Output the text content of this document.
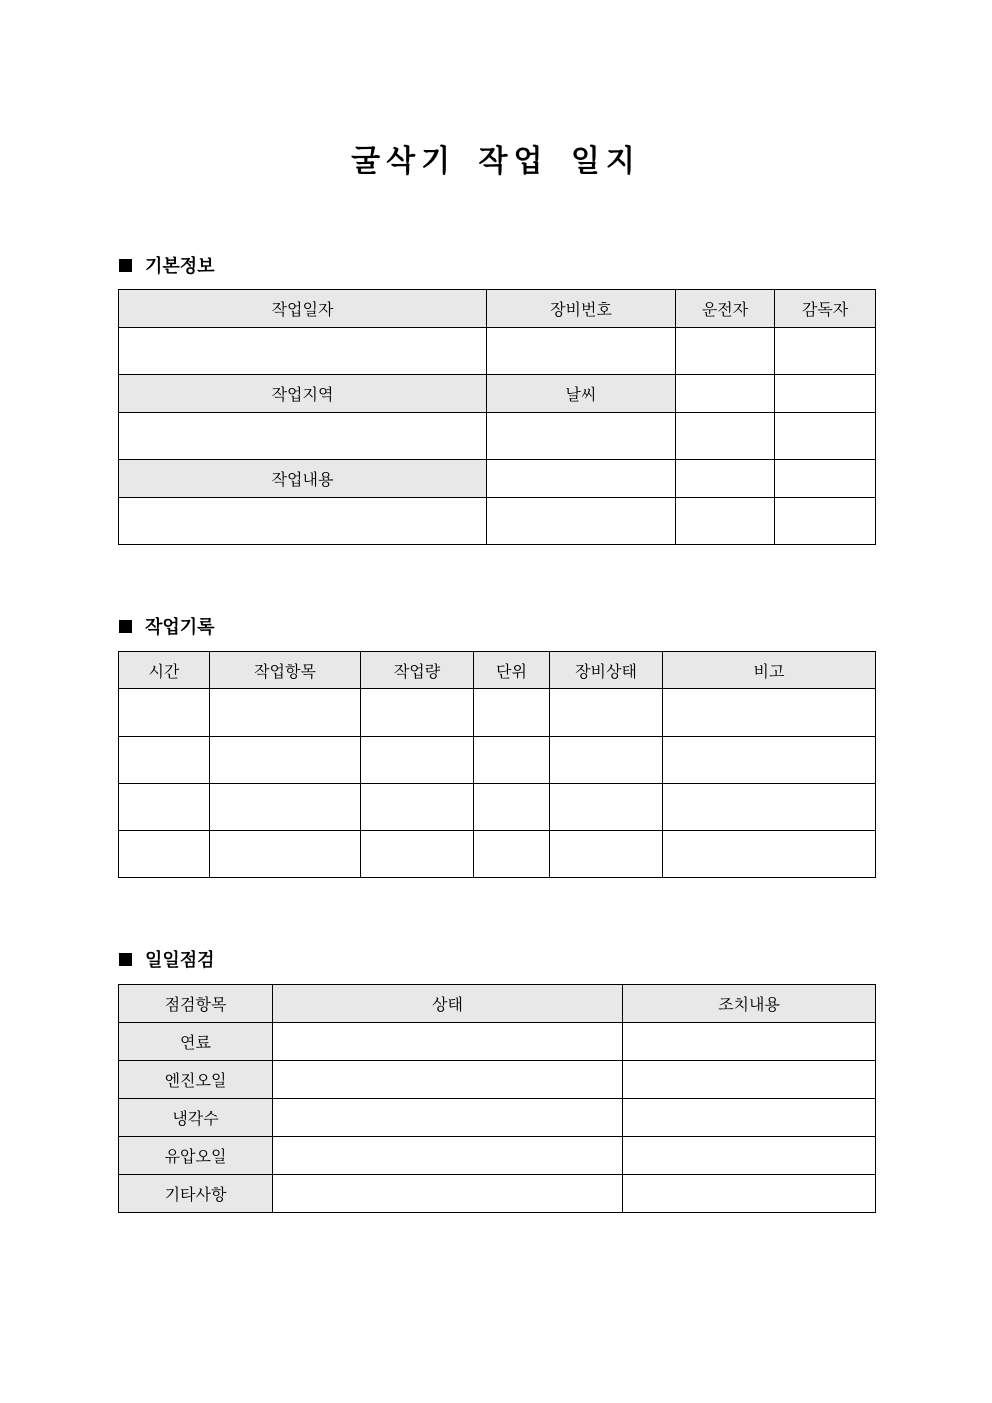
굴삭기 작업 일지
기본정보
작업일자	장비번호	운전자	감독자

작업지역	날씨		

작업내용			

작업기록
시간	작업항목	작업량	단위	장비상태	비고

일일점검
점검항목	상태	조치내용
연료		
엔진오일		
냉각수		
유압오일		
기타사항		
